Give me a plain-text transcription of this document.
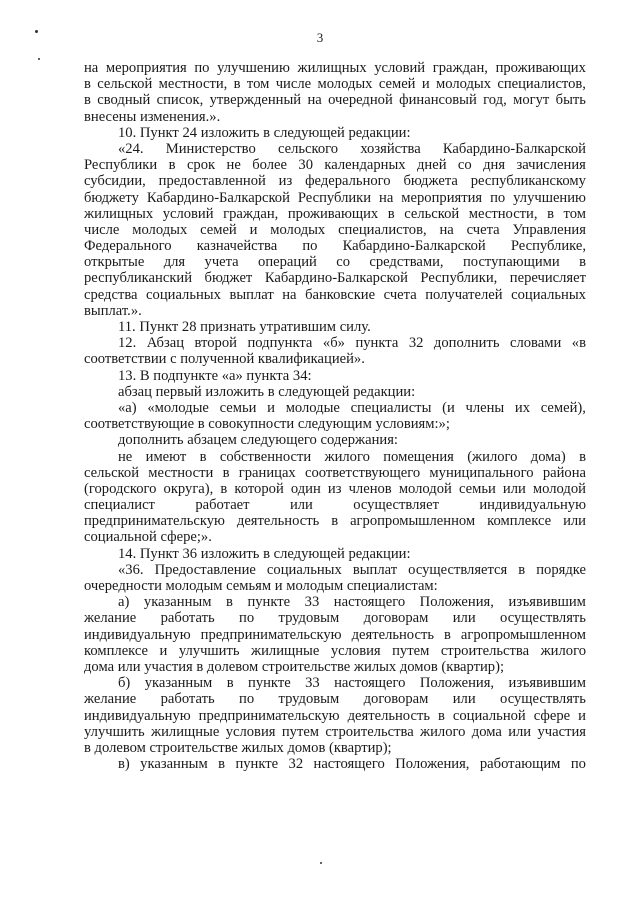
3
на мероприятия по улучшению жилищных условий граждан, проживающих
в сельской местности, в том числе молодых семей и молодых специалистов,
в сводный список, утвержденный на очередной финансовый год, могут быть
внесены изменения.».
10. Пункт 24 изложить в следующей редакции:
«24. Министерство сельского хозяйства Кабардино-Балкарской
Республики в срок не более 30 календарных дней со дня зачисления
субсидии, предоставленной из федерального бюджета республиканскому
бюджету Кабардино-Балкарской Республики на мероприятия по улучшению
жилищных условий граждан, проживающих в сельской местности, в том
числе молодых семей и молодых специалистов, на счета Управления
Федерального казначейства по Кабардино-Балкарской Республике,
открытые для учета операций со средствами, поступающими в
республиканский бюджет Кабардино-Балкарской Республики, перечисляет
средства социальных выплат на банковские счета получателей социальных
выплат.».
11. Пункт 28 признать утратившим силу.
12. Абзац второй подпункта «б» пункта 32 дополнить словами «в
соответствии с полученной квалификацией».
13. В подпункте «а» пункта 34:
абзац первый изложить в следующей редакции:
«а) «молодые семьи и молодые специалисты (и члены их семей),
соответствующие в совокупности следующим условиям:»;
дополнить абзацем следующего содержания:
не имеют в собственности жилого помещения (жилого дома) в
сельской местности в границах соответствующего муниципального района
(городского округа), в которой один из членов молодой семьи или молодой
специалист	работает	или	осуществляет	индивидуальную
предпринимательскую деятельность в агропромышленном комплексе или
социальной сфере;».
14. Пункт 36 изложить в следующей редакции:
«36. Предоставление социальных выплат осуществляется в порядке
очередности молодым семьям и молодым специалистам:
а) указанным в пункте 33 настоящего Положения, изъявившим
желание работать по трудовым договорам или осуществлять
индивидуальную предпринимательскую деятельность в агропромышленном
комплексе и улучшить жилищные условия путем строительства жилого
дома или участия в долевом строительстве жилых домов (квартир);
б) указанным в пункте 33 настоящего Положения, изъявившим
желание работать по трудовым договорам или осуществлять
индивидуальную предпринимательскую деятельность в социальной сфере и
улучшить жилищные условия путем строительства жилого дома или участия
в долевом строительстве жилых домов (квартир);
в) указанным в пункте 32 настоящего Положения, работающим по
